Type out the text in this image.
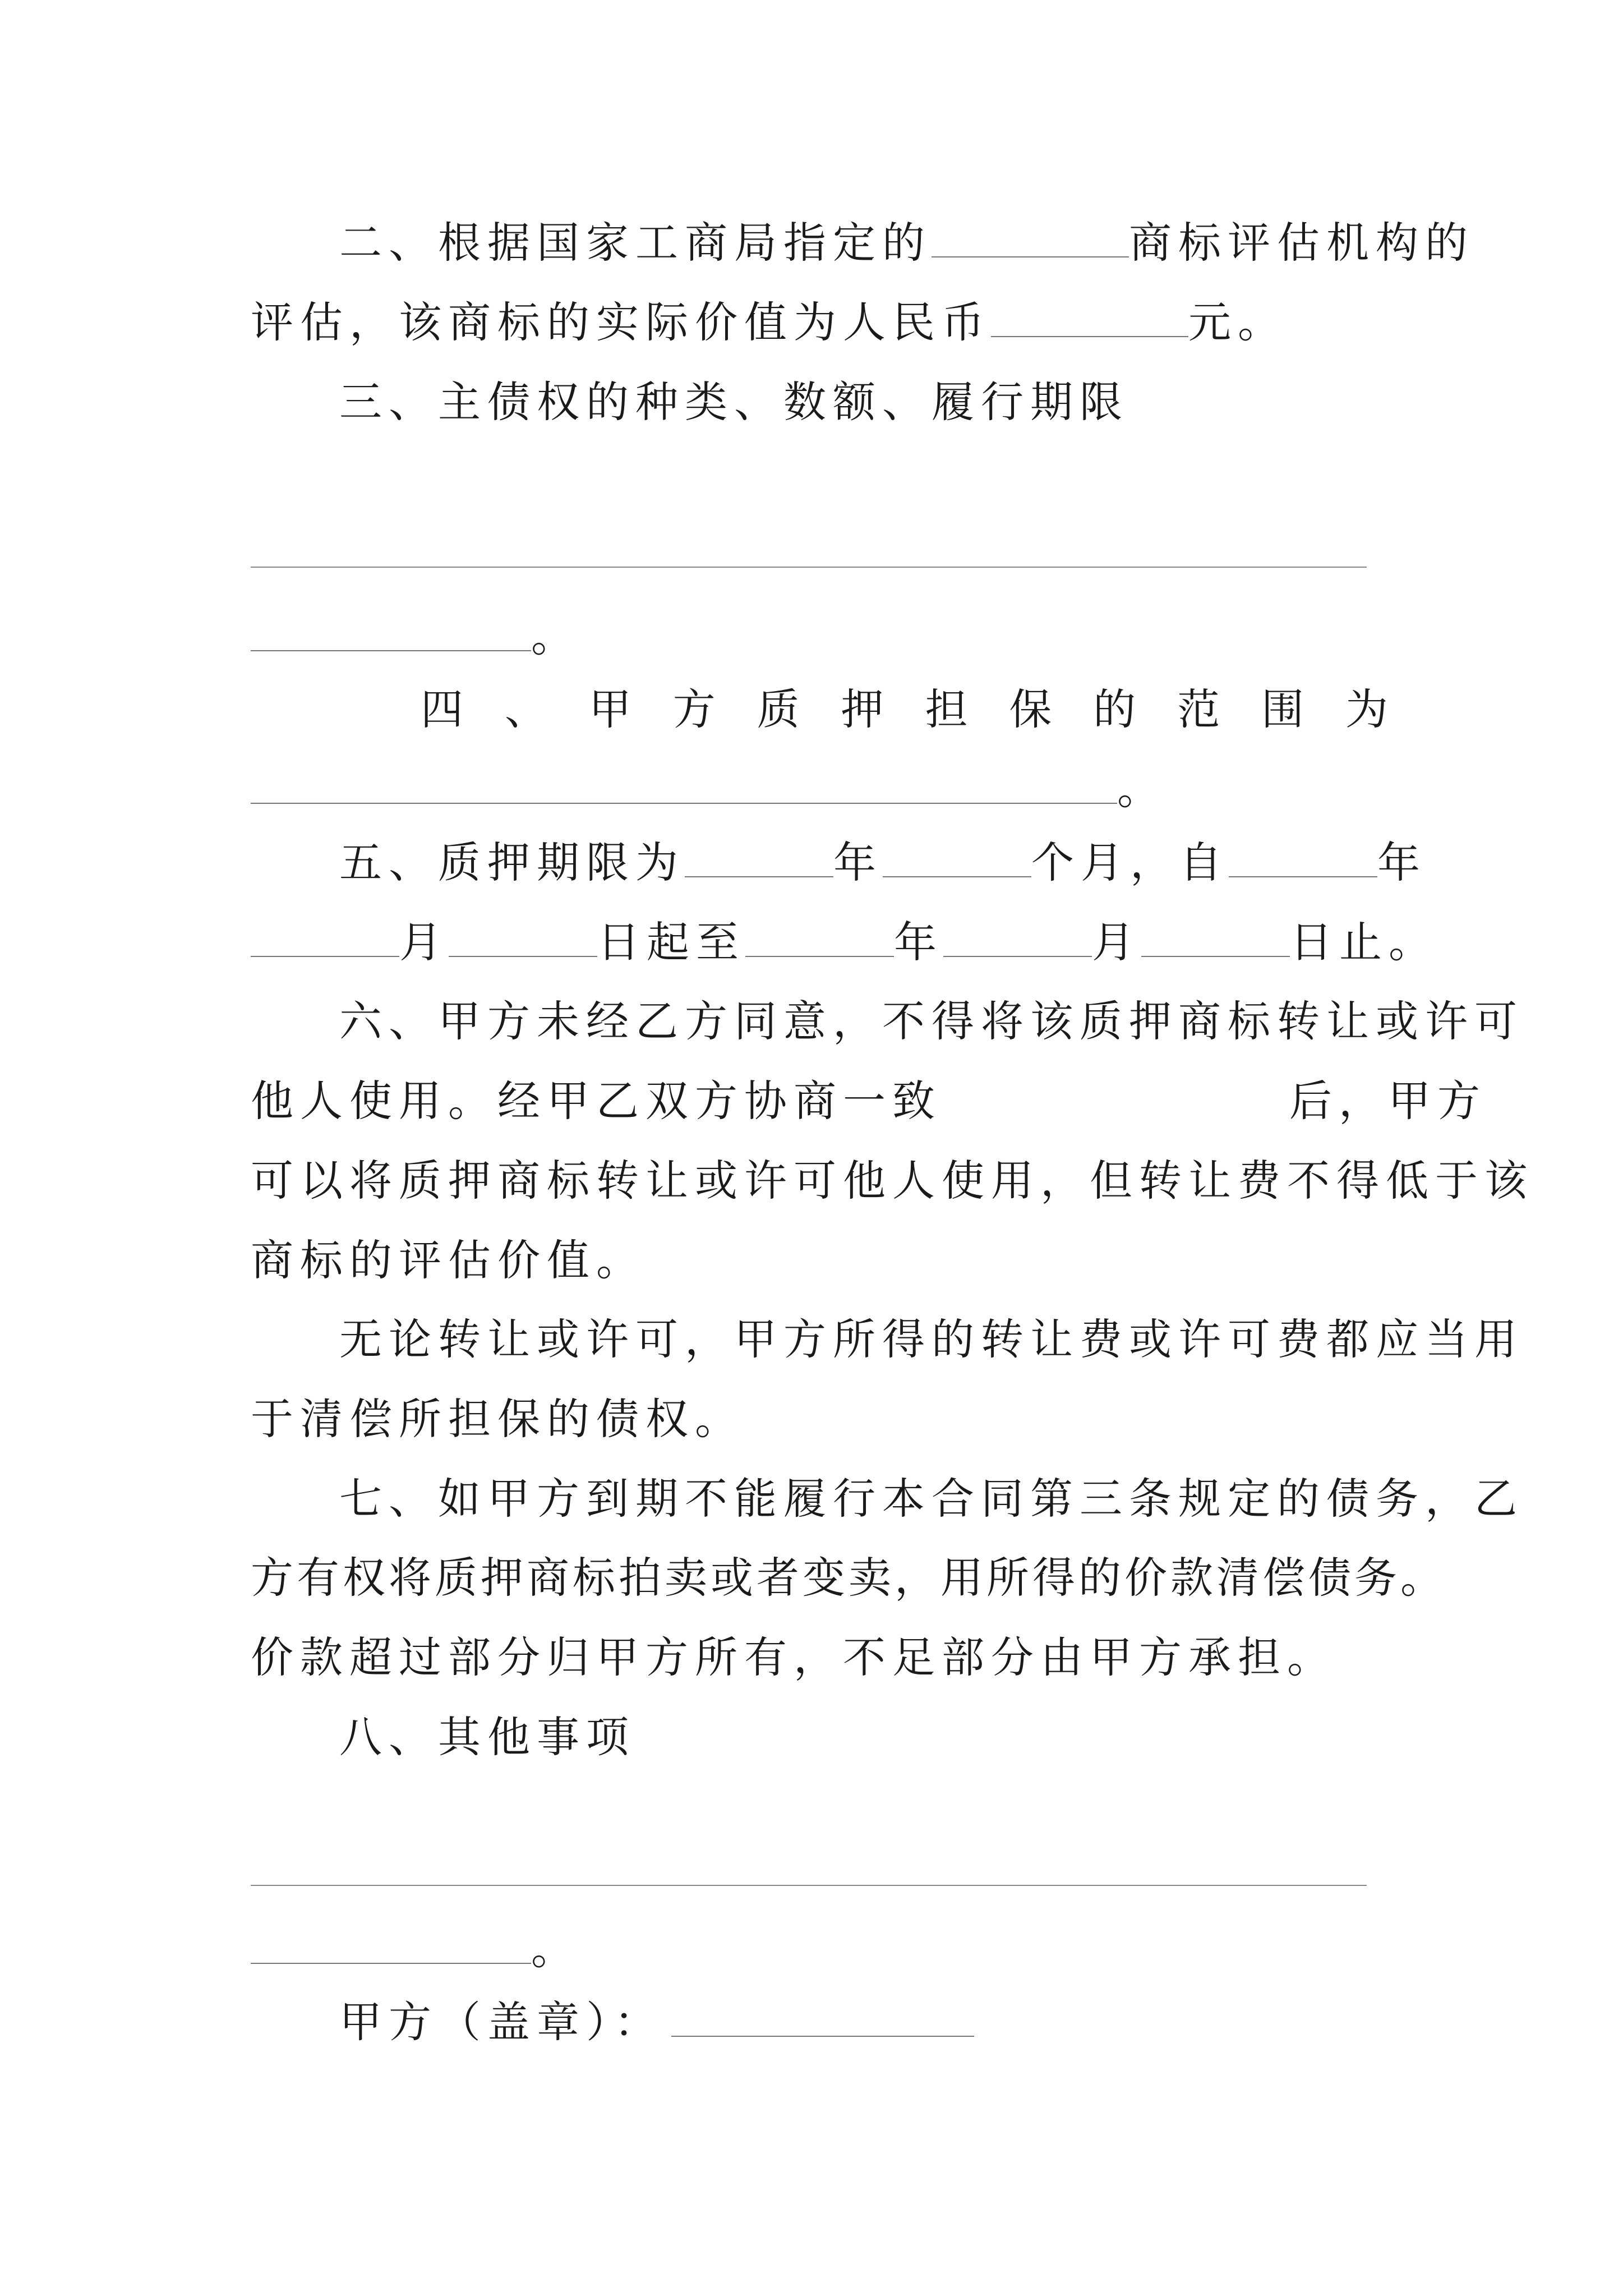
二、根据国家工商局指定的	商标评估机构的
评估，该商标的实际价值为人民币	元。
三、主债权的种类、数额、履行期限
。
四 、 甲 方 质 押 担 保 的 范 围 为
。
五、质押期限为	年	个月，自	年
月	日起至	年	月	日止。
六、甲方未经乙方同意，不得将该质押商标转让或许可
他人使用。经甲乙双方协商一致	后，甲方
可以将质押商标转让或许可他人使用，但转让费不得低于该
商标的评估价值。
无论转让或许可，甲方所得的转让费或许可费都应当用
于清偿所担保的债权。
七、如甲方到期不能履行本合同第三条规定的债务，乙
方有权将质押商标拍卖或者变卖，用所得的价款清偿债务。
价款超过部分归甲方所有，不足部分由甲方承担。
八、其他事项
。
甲方（盖章）：
